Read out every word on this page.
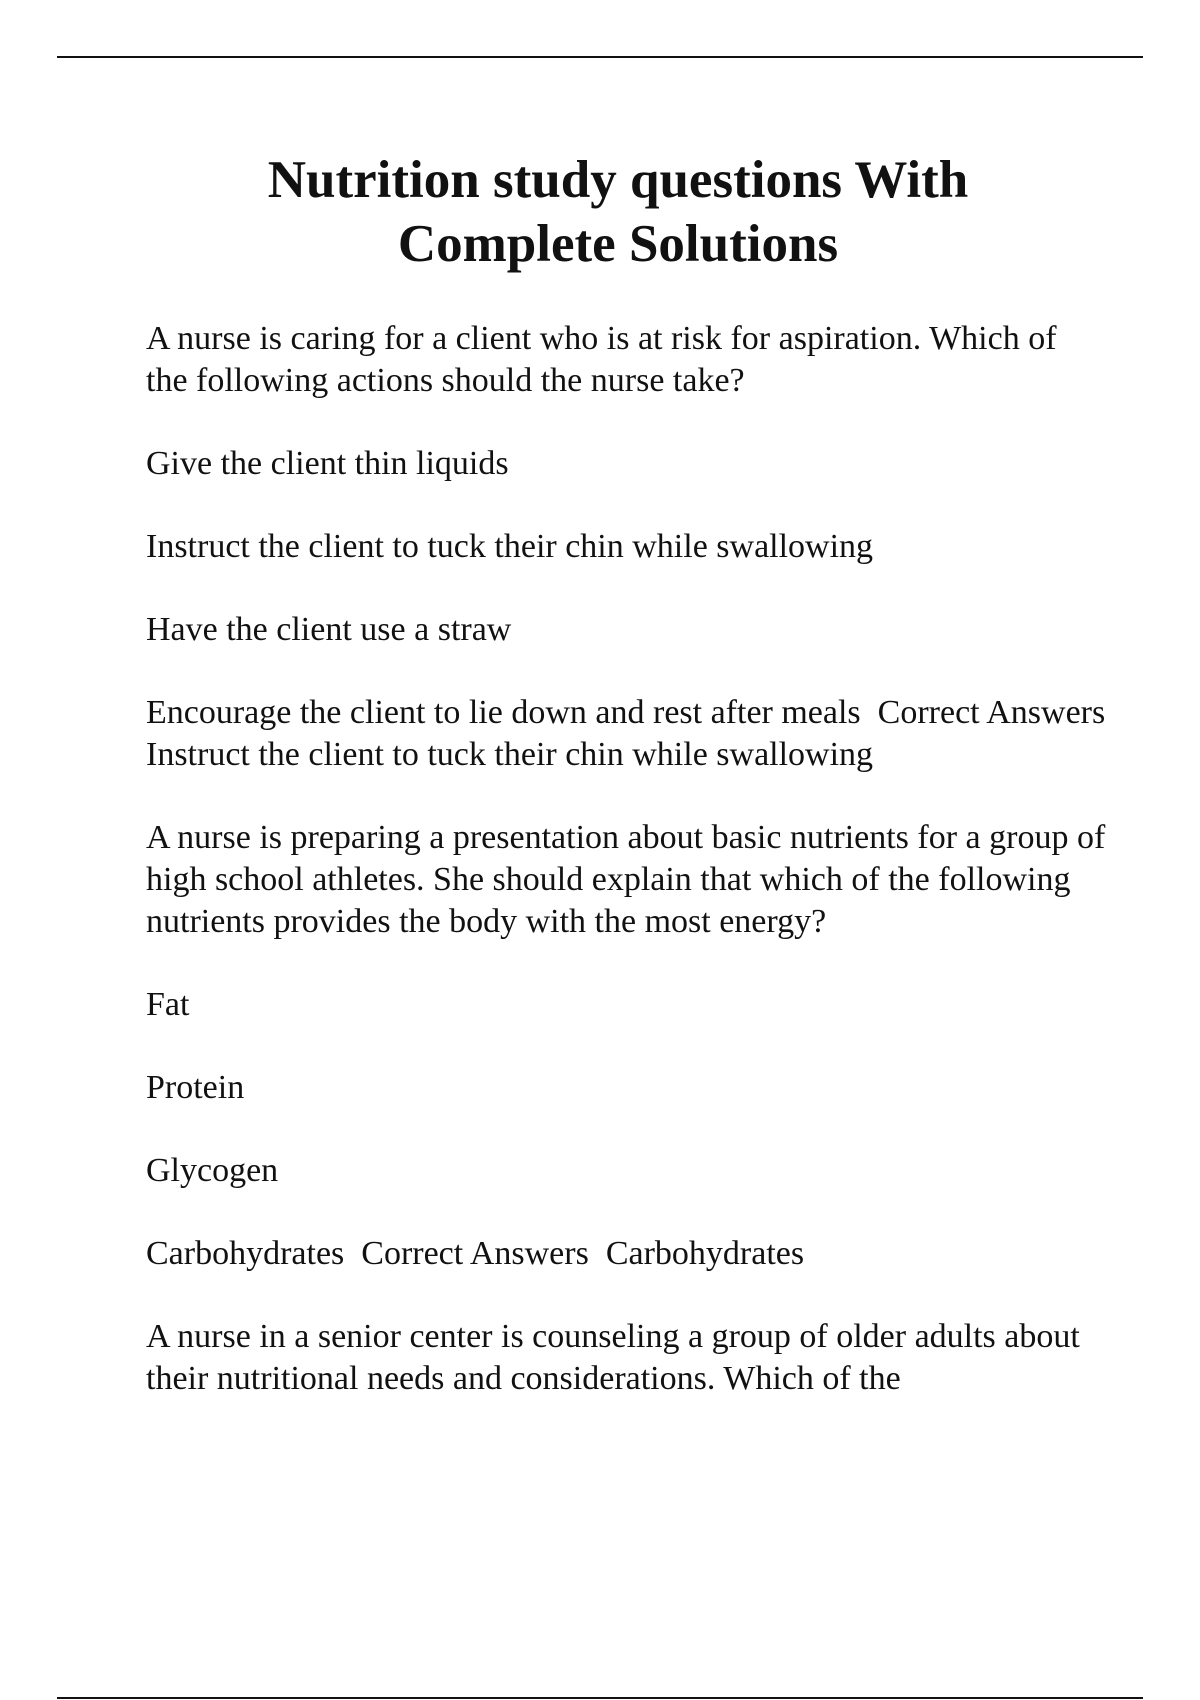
Nutrition study questions With
Complete Solutions

A nurse is caring for a client who is at risk for aspiration. Which of the following actions should the nurse take?

Give the client thin liquids

Instruct the client to tuck their chin while swallowing

Have the client use a straw

Encourage the client to lie down and rest after meals  Correct Answers  Instruct the client to tuck their chin while swallowing

A nurse is preparing a presentation about basic nutrients for a group of high school athletes. She should explain that which of the following nutrients provides the body with the most energy?

Fat

Protein

Glycogen

Carbohydrates  Correct Answers  Carbohydrates

A nurse in a senior center is counseling a group of older adults about their nutritional needs and considerations. Which of the
